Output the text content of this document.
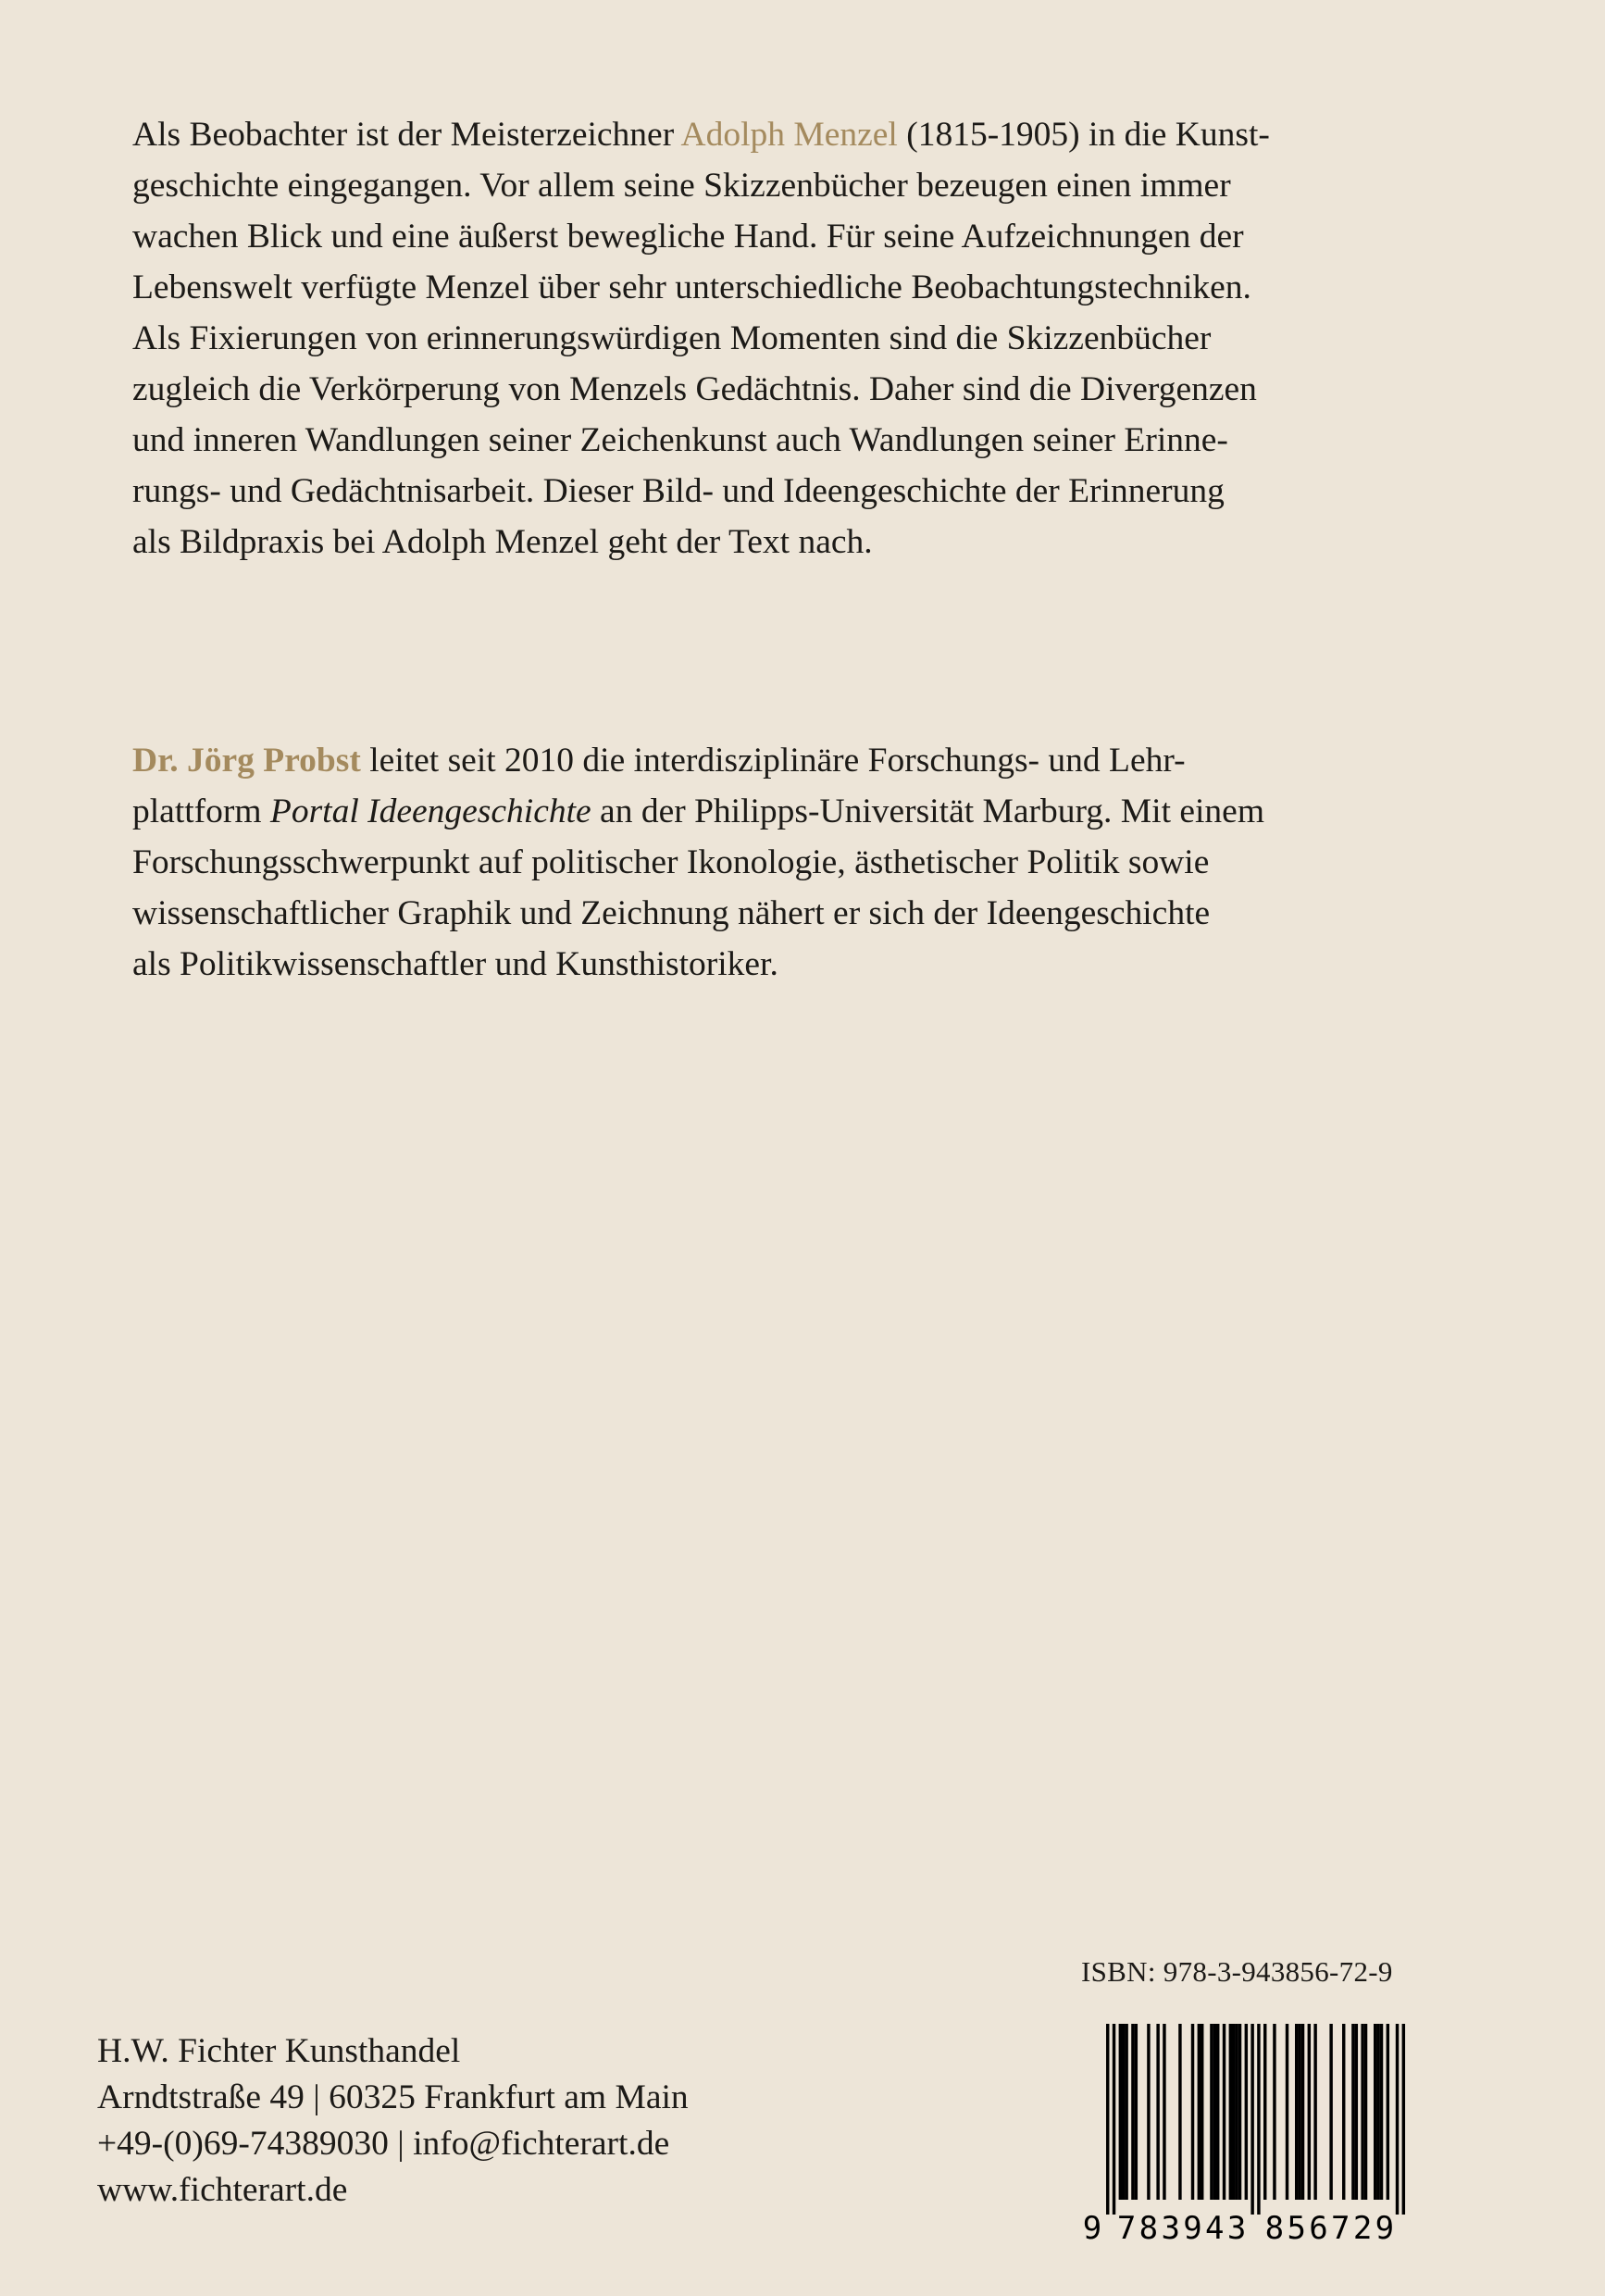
Als Beobachter ist der Meisterzeichner Adolph Menzel (1815-1905) in die Kunst-
geschichte eingegangen. Vor allem seine Skizzenbücher bezeugen einen immer
wachen Blick und eine äußerst bewegliche Hand. Für seine Aufzeichnungen der
Lebenswelt verfügte Menzel über sehr unterschiedliche Beobachtungstechniken.
Als Fixierungen von erinnerungswürdigen Momenten sind die Skizzenbücher
zugleich die Verkörperung von Menzels Gedächtnis. Daher sind die Divergenzen
und inneren Wandlungen seiner Zeichenkunst auch Wandlungen seiner Erinne-
rungs- und Gedächtnisarbeit. Dieser Bild- und Ideengeschichte der Erinnerung
als Bildpraxis bei Adolph Menzel geht der Text nach.
Dr. Jörg Probst leitet seit 2010 die interdisziplinäre Forschungs- und Lehr-
plattform Portal Ideengeschichte an der Philipps-Universität Marburg. Mit einem
Forschungsschwerpunkt auf politischer Ikonologie, ästhetischer Politik sowie
wissenschaftlicher Graphik und Zeichnung nähert er sich der Ideengeschichte
als Politikwissenschaftler und Kunsthistoriker.
H.W. Fichter Kunsthandel
Arndtstraße 49 | 60325 Frankfurt am Main
+49-(0)69-74389030 | info@fichterart.de
www.fichterart.de
ISBN: 978-3-943856-72-9
9 7 8 3 9 4 3 8 5 6 7 2 9
